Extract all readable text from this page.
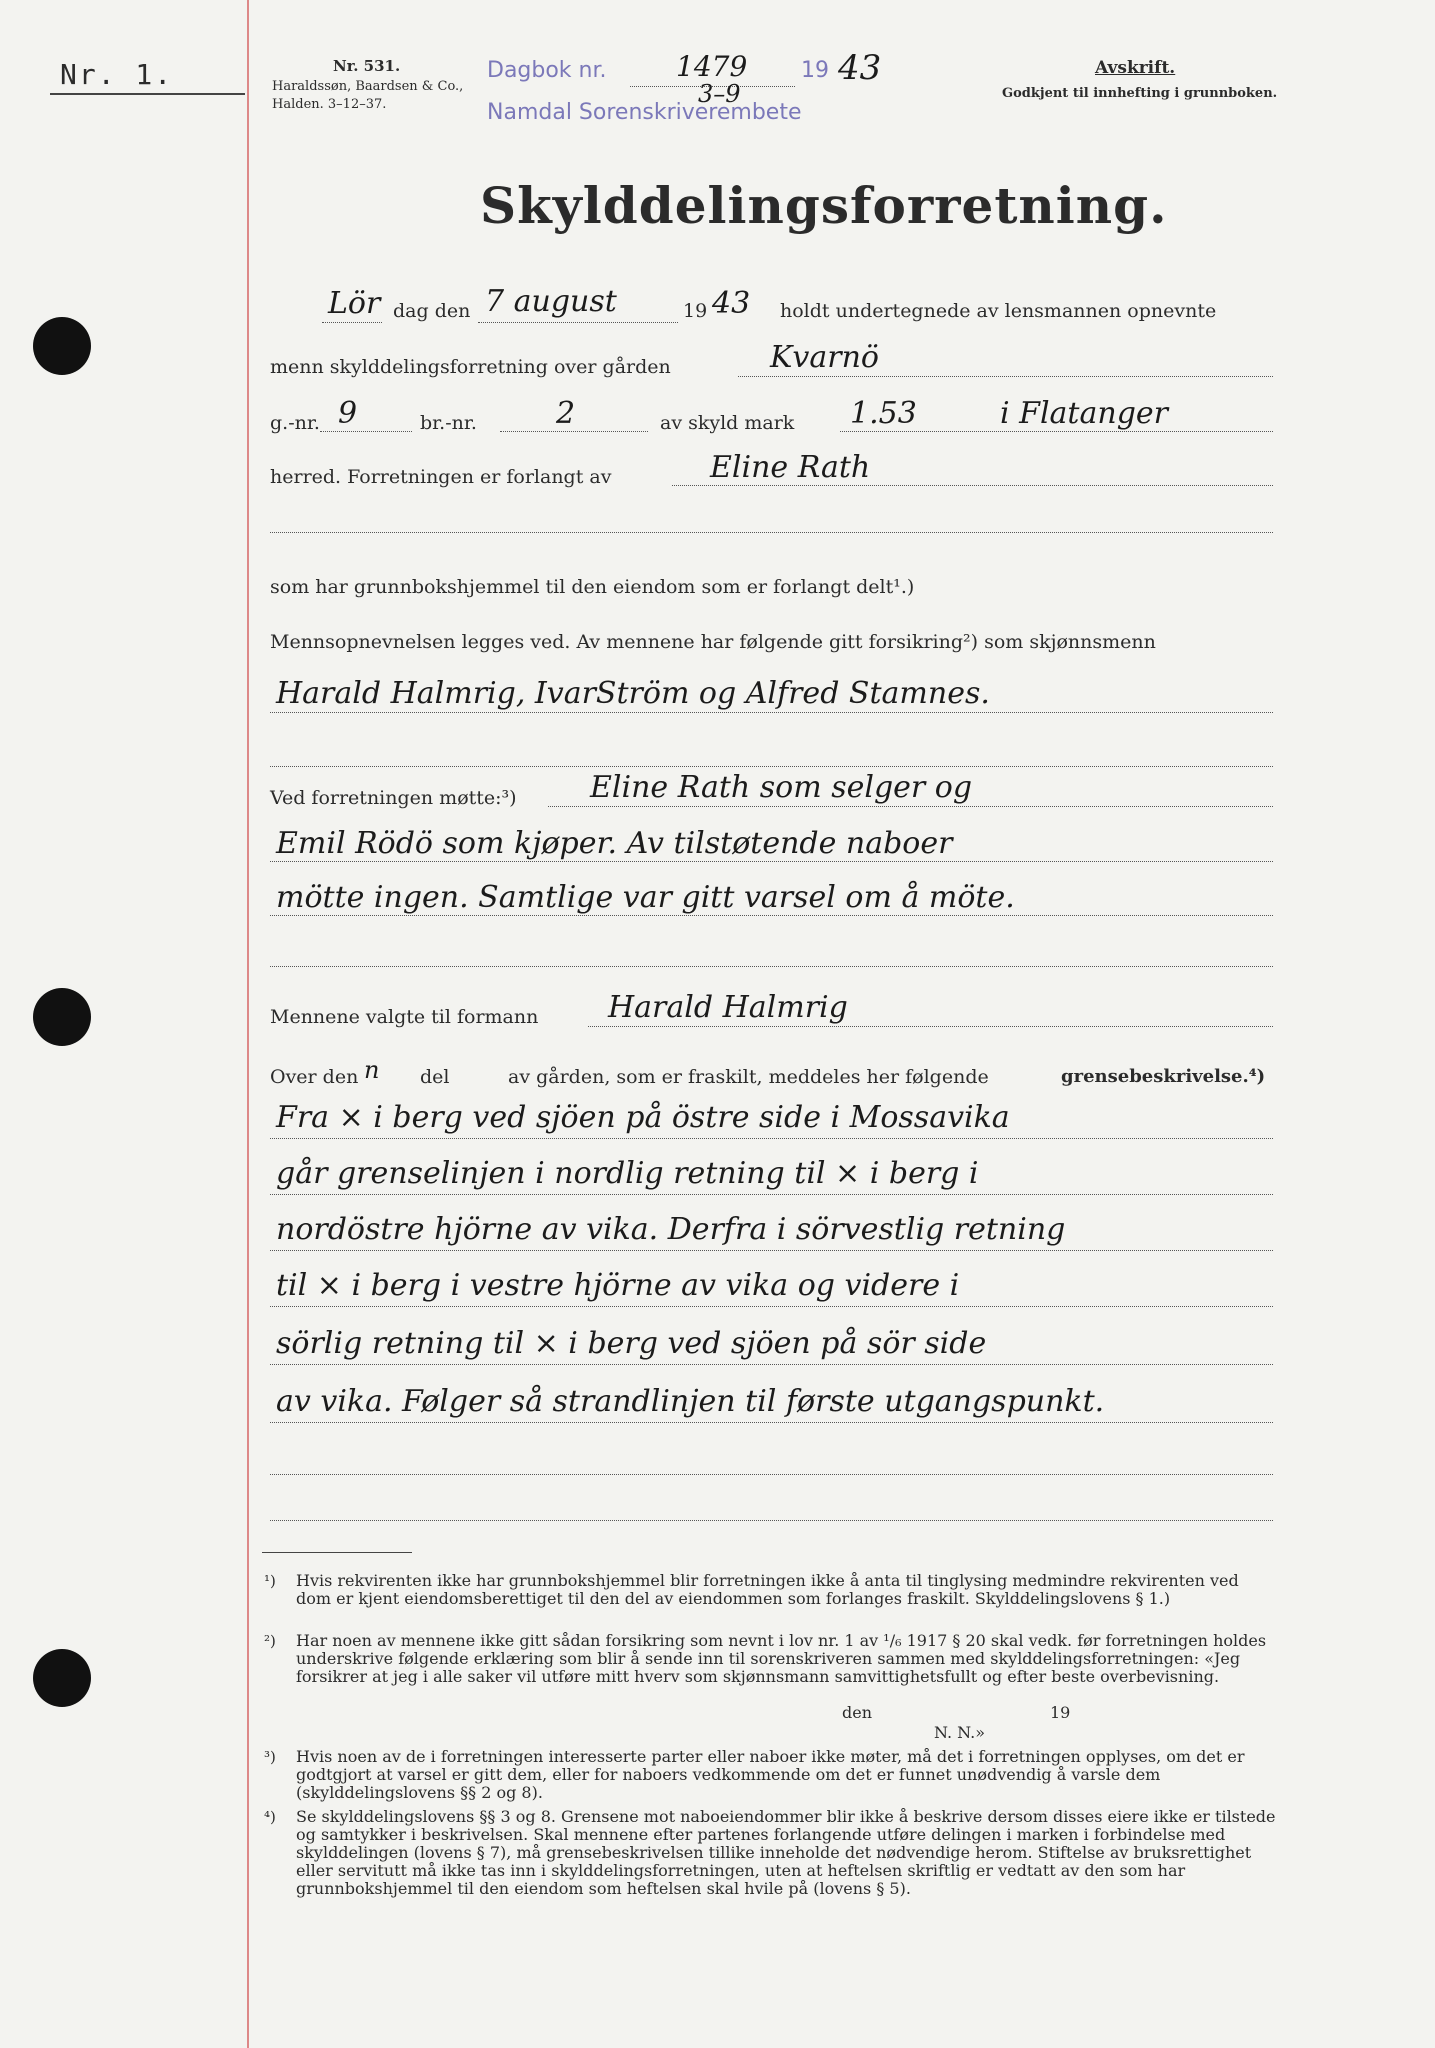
Nr. 1.	Nr. 531.
Haraldssøn, Baardsen & Co.,
Halden. 3–12–37.
Dagbok nr. 1479 19 43
3–9
Namdal Sorenskriverembete
Avskrift.
Godkjent til innhefting i grunnboken.
Skylddelingsforretning.
Lör dag den 7 august	19 43 holdt undertegnede av lensmannen opnevnte
menn skylddelingsforretning over gården	Kvarnö
g.-nr. 9	br.-nr.	2	av skyld mark 1.53	i Flatanger
herred. Forretningen er forlangt av	Eline Rath
som har grunnbokshjemmel til den eiendom som er forlangt delt¹.)
Mennsopnevnelsen legges ved. Av mennene har følgende gitt forsikring²) som skjønnsmenn
Harald Halmrig, IvarStröm og Alfred Stamnes.
Ved forretningen møtte:³) Eline Rath som selger og
Emil Rödö som kjøper. Av tilstøtende naboer
mötte ingen. Samtlige var gitt varsel om å möte.
Mennene valgte til formann Harald Halmrig
Over den n del	av gården, som er fraskilt, meddeles her følgende	grensebeskrivelse.⁴)
Fra × i berg ved sjöen på östre side i Mossavika
går grenselinjen i nordlig retning til × i berg i
nordöstre hjörne av vika. Derfra i sörvestlig retning
til × i berg i vestre hjörne av vika og videre i
sörlig retning til × i berg ved sjöen på sör side
av vika. Følger så strandlinjen til første utgangspunkt.
¹) Hvis rekvirenten ikke har grunnbokshjemmel blir forretningen ikke å anta til tinglysing medmindre rekvirenten ved dom er kjent eiendomsberettiget til den del av eiendommen som forlanges fraskilt. Skylddelingslovens § 1.)
²) Har noen av mennene ikke gitt sådan forsikring som nevnt i lov nr. 1 av ¹/₆ 1917 § 20 skal vedk. før forretningen holdes underskrive følgende erklæring som blir å sende inn til sorenskriveren sammen med skylddelingsforretningen: «Jeg forsikrer at jeg i alle saker vil utføre mitt hverv som skjønnsmann samvittighetsfullt og efter beste overbevisning.
den	19
N. N.»
³) Hvis noen av de i forretningen interesserte parter eller naboer ikke møter, må det i forretningen opplyses, om det er godtgjort at varsel er gitt dem, eller for naboers vedkommende om det er funnet unødvendig å varsle dem (skylddelingslovens §§ 2 og 8).
⁴) Se skylddelingslovens §§ 3 og 8. Grensene mot naboeiendommer blir ikke å beskrive dersom disses eiere ikke er tilstede og samtykker i beskrivelsen. Skal mennene efter partenes forlangende utføre delingen i marken i forbindelse med skylddelingen (lovens § 7), må grensebeskrivelsen tillike inneholde det nødvendige herom. Stiftelse av bruksrettighet eller servitutt må ikke tas inn i skylddelingsforretningen, uten at heftelsen skriftlig er vedtatt av den som har grunnbokshjemmel til den eiendom som heftelsen skal hvile på (lovens § 5).
